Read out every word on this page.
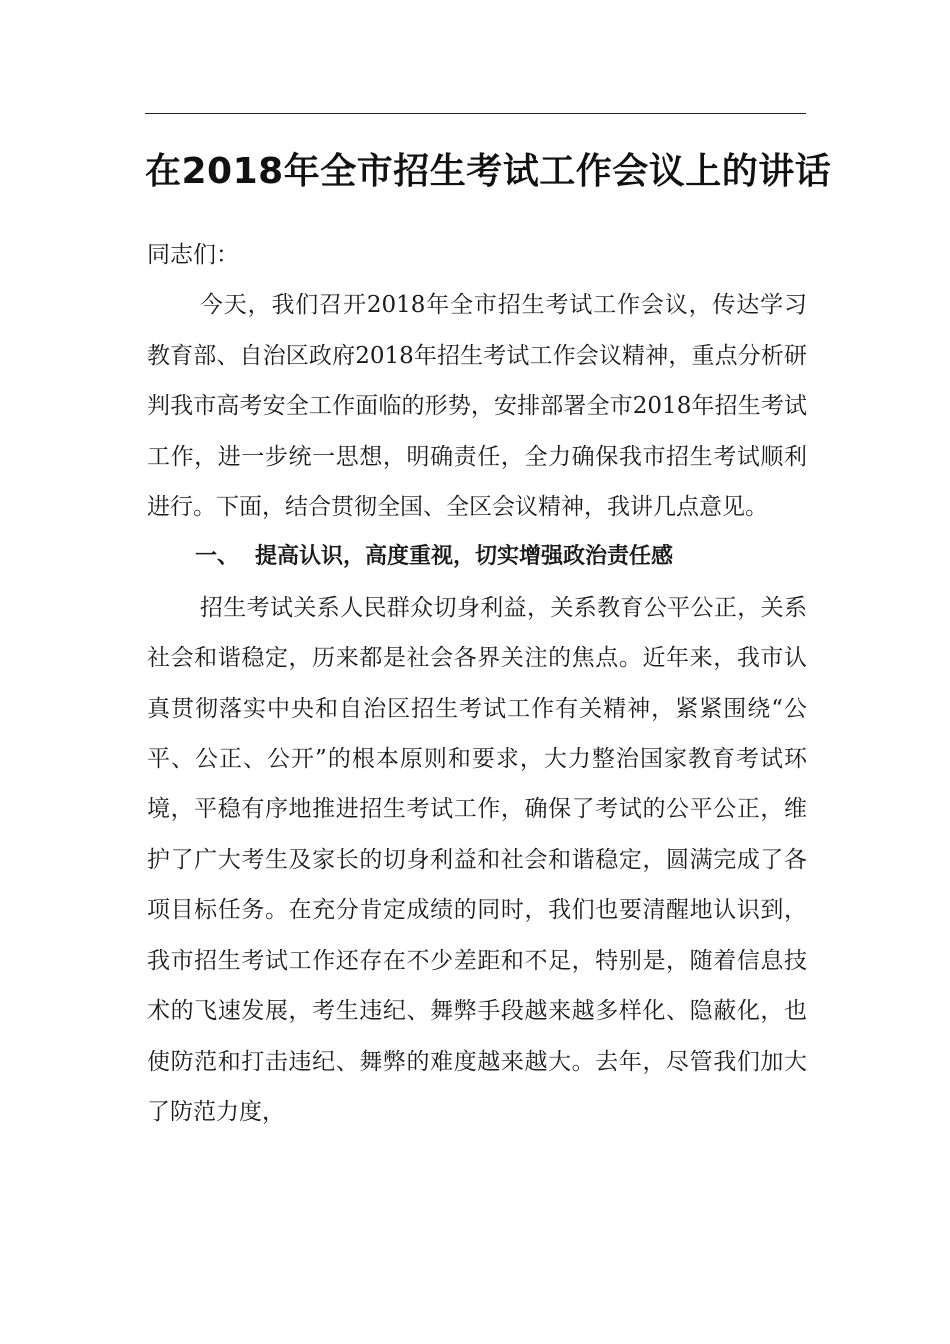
在2018年全市招生考试工作会议上的讲话

同志们：

今天，我们召开2018年全市招生考试工作会议，传达学习教育部、自治区政府2018年招生考试工作会议精神，重点分析研判我市高考安全工作面临的形势，安排部署全市2018年招生考试工作，进一步统一思想，明确责任，全力确保我市招生考试顺利进行。下面，结合贯彻全国、全区会议精神，我讲几点意见。

一、 提高认识，高度重视，切实增强政治责任感

招生考试关系人民群众切身利益，关系教育公平公正，关系社会和谐稳定，历来都是社会各界关注的焦点。近年来，我市认真贯彻落实中央和自治区招生考试工作有关精神，紧紧围绕“公平、公正、公开”的根本原则和要求，大力整治国家教育考试环境，平稳有序地推进招生考试工作，确保了考试的公平公正，维护了广大考生及家长的切身利益和社会和谐稳定，圆满完成了各项目标任务。在充分肯定成绩的同时，我们也要清醒地认识到，我市招生考试工作还存在不少差距和不足，特别是，随着信息技术的飞速发展，考生违纪、舞弊手段越来越多样化、隐蔽化，也使防范和打击违纪、舞弊的难度越来越大。去年，尽管我们加大了防范力度，
